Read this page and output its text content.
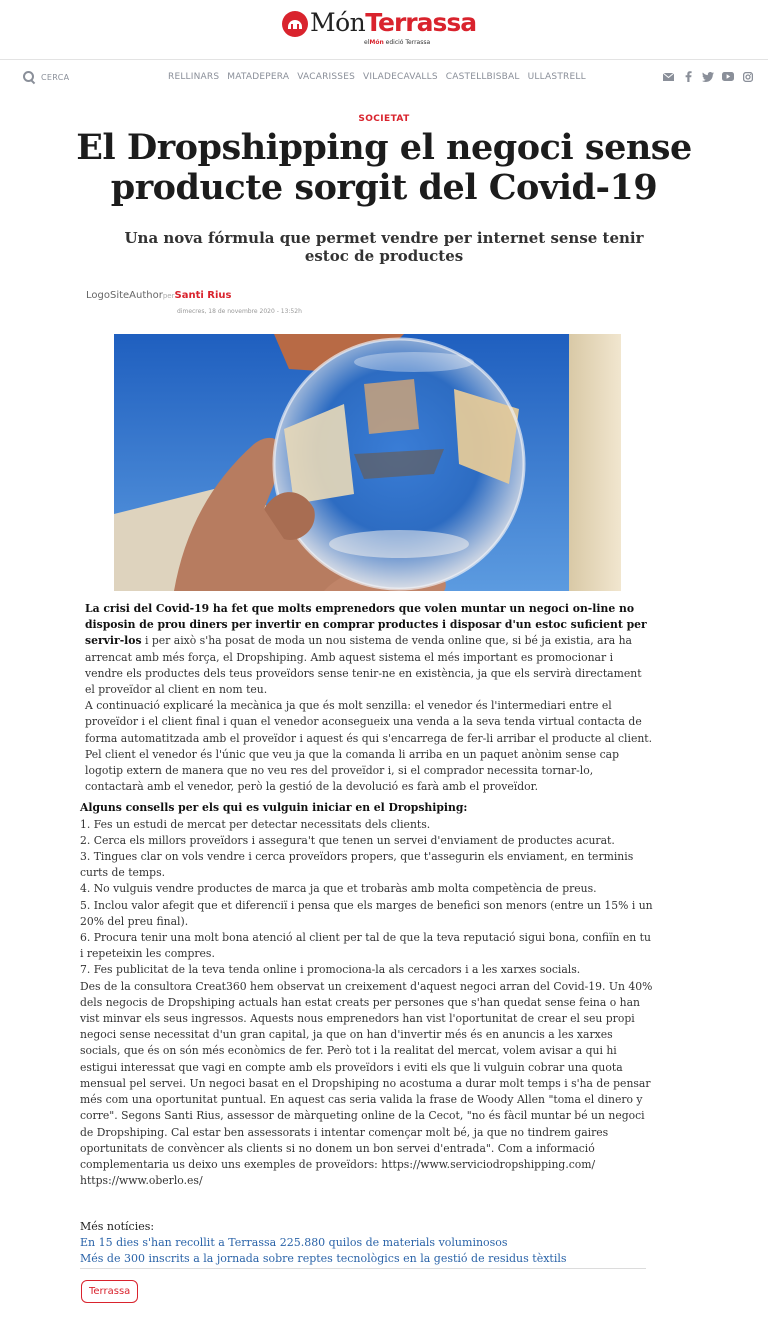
MónTerrassa
elMón edició Terrassa
CERCA	RELLINARS MATADEPERA VACARISSES VILADECAVALLS CASTELLBISBAL ULLASTRELL
SOCIETAT
El Dropshipping el negoci sense producte sorgit del Covid-19
Una nova fórmula que permet vendre per internet sense tenir estoc de productes
LogoSiteAuthorperSanti Rius
dimecres, 18 de novembre 2020 - 13:52h

La crisi del Covid-19 ha fet que molts emprenedors que volen muntar un negoci on-line no disposin de prou diners per invertir en comprar productes i disposar d'un estoc suficient per servir-los i per això s'ha posat de moda un nou sistema de venda online que, si bé ja existia, ara ha arrencat amb més força, el Dropshiping. Amb aquest sistema el més important es promocionar i vendre els productes dels teus proveïdors sense tenir-ne en existència, ja que els servirà directament el proveïdor al client en nom teu.

A continuació explicaré la mecànica ja que és molt senzilla: el venedor és l'intermediari entre el proveïdor i el client final i quan el venedor aconsegueix una venda a la seva tenda virtual contacta de forma automatitzada amb el proveïdor i aquest és qui s'encarrega de fer-li arribar el producte al client. Pel client el venedor és l'únic que veu ja que la comanda li arriba en un paquet anònim sense cap logotip extern de manera que no veu res del proveïdor i, si el comprador necessita tornar-lo, contactarà amb el venedor, però la gestió de la devolució es farà amb el proveïdor.

Alguns consells per els qui es vulguin iniciar en el Dropshiping:

1. Fes un estudi de mercat per detectar necessitats dels clients.

2. Cerca els millors proveïdors i assegura't que tenen un servei d'enviament de productes acurat.

3. Tingues clar on vols vendre i cerca proveïdors propers, que t'assegurin els enviament, en terminis curts de temps.

4. No vulguis vendre productes de marca ja que et trobaràs amb molta competència de preus.

5. Inclou valor afegit que et diferenciï i pensa que els marges de benefici son menors (entre un 15% i un 20% del preu final).

6. Procura tenir una molt bona atenció al client per tal de que la teva reputació sigui bona, confiïn en tu i repeteixin les compres.

7. Fes publicitat de la teva tenda online i promociona-la als cercadors i a les xarxes socials.

Des de la consultora Creat360 hem observat un creixement d'aquest negoci arran del Covid-19. Un 40% dels negocis de Dropshiping actuals han estat creats per persones que s'han quedat sense feina o han vist minvar els seus ingressos. Aquests nous emprenedors han vist l'oportunitat de crear el seu propi negoci sense necessitat d'un gran capital, ja que on han d'invertir més és en anuncis a les xarxes socials, que és on són més econòmics de fer. Però tot i la realitat del mercat, volem avisar a qui hi estigui interessat que vagi en compte amb els proveïdors i eviti els que li vulguin cobrar una quota mensual pel servei. Un negoci basat en el Dropshiping no acostuma a durar molt temps i s'ha de pensar més com una oportunitat puntual. En aquest cas seria valida la frase de Woody Allen "toma el dinero y corre". Segons Santi Rius, assessor de màrqueting online de la Cecot, "no és fàcil muntar bé un negoci de Dropshiping. Cal estar ben assessorats i intentar començar molt bé, ja que no tindrem gaires oportunitats de convèncer als clients si no donem un bon servei d'entrada". Com a informació complementaria us deixo uns exemples de proveïdors: https://www.serviciodropshipping.com/ https://www.oberlo.es/

Més notícies:
En 15 dies s'han recollit a Terrassa 225.880 quilos de materials voluminosos
Més de 300 inscrits a la jornada sobre reptes tecnològics en la gestió de residus tèxtils
Terrassa
